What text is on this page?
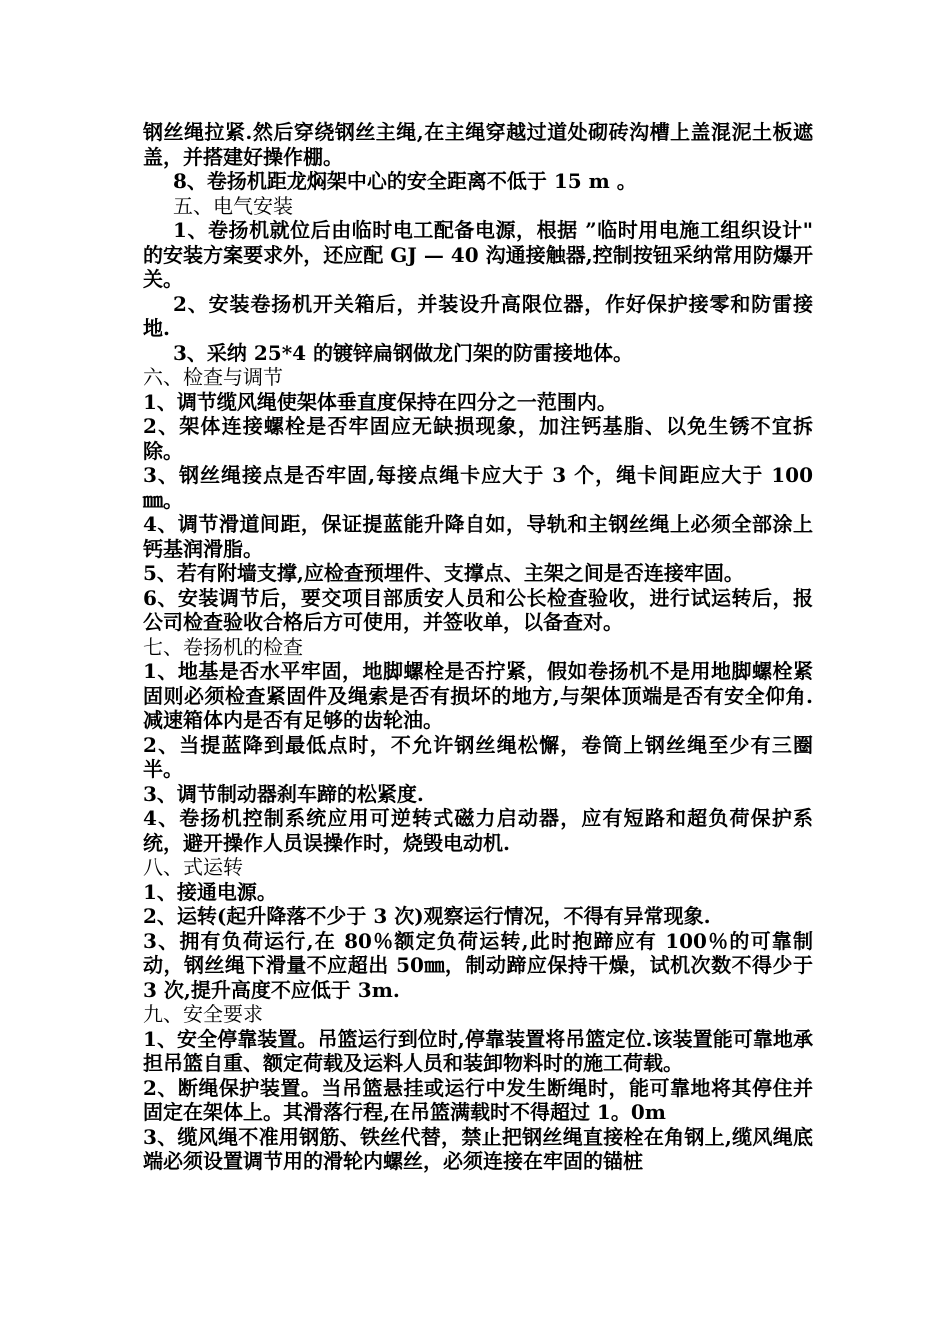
钢丝绳拉紧.然后穿绕钢丝主绳,在主绳穿越过道处砌砖沟槽上盖混泥土板遮盖，并搭建好操作棚。

8、卷扬机距龙焖架中心的安全距离不低于 15 m 。

五、电气安装

1、卷扬机就位后由临时电工配备电源，根据 ”临时用电施工组织设计" 的安装方案要求外，还应配 GJ — 40 沟通接触器,控制按钮采纳常用防爆开关。

2、安装卷扬机开关箱后，并装设升高限位器，作好保护接零和防雷接地.

3、采纳 25*4 的镀锌扁钢做龙门架的防雷接地体。

六、检查与调节

1、调节缆风绳使架体垂直度保持在四分之一范围内。

2、架体连接螺栓是否牢固应无缺损现象，加注钙基脂、以免生锈不宜拆除。

3、钢丝绳接点是否牢固,每接点绳卡应大于 3 个，绳卡间距应大于 100㎜。

4、调节滑道间距，保证提蓝能升降自如，导轨和主钢丝绳上必须全部涂上钙基润滑脂。

5、若有附墙支撑,应检查预埋件、支撑点、主架之间是否连接牢固。

6、安装调节后，要交项目部质安人员和公长检查验收，进行试运转后，报公司检查验收合格后方可使用，并签收单，以备查对。

七、卷扬机的检查

1、地基是否水平牢固，地脚螺栓是否拧紧，假如卷扬机不是用地脚螺栓紧固则必须检查紧固件及绳索是否有损坏的地方,与架体顶端是否有安全仰角.减速箱体内是否有足够的齿轮油。

2、当提蓝降到最低点时，不允许钢丝绳松懈，卷筒上钢丝绳至少有三圈半。

3、调节制动器刹车蹄的松紧度.

4、卷扬机控制系统应用可逆转式磁力启动器，应有短路和超负荷保护系统，避开操作人员误操作时，烧毁电动机.

八、式运转

1、接通电源。

2、运转(起升降落不少于 3 次)观察运行情况，不得有异常现象.

3、拥有负荷运行,在 80％额定负荷运转,此时抱蹄应有 100％的可靠制动，钢丝绳下滑量不应超出 50㎜，制动蹄应保持干燥，试机次数不得少于 3 次,提升高度不应低于 3m.

九、安全要求

1、安全停靠装置。吊篮运行到位时,停靠装置将吊篮定位.该装置能可靠地承担吊篮自重、额定荷载及运料人员和装卸物料时的施工荷载。

2、断绳保护装置。当吊篮悬挂或运行中发生断绳时，能可靠地将其停住并固定在架体上。其滑落行程,在吊篮满载时不得超过 1。0m

3、缆风绳不准用钢筋、铁丝代替，禁止把钢丝绳直接栓在角钢上,缆风绳底端必须设置调节用的滑轮内螺丝，必须连接在牢固的锚桩
